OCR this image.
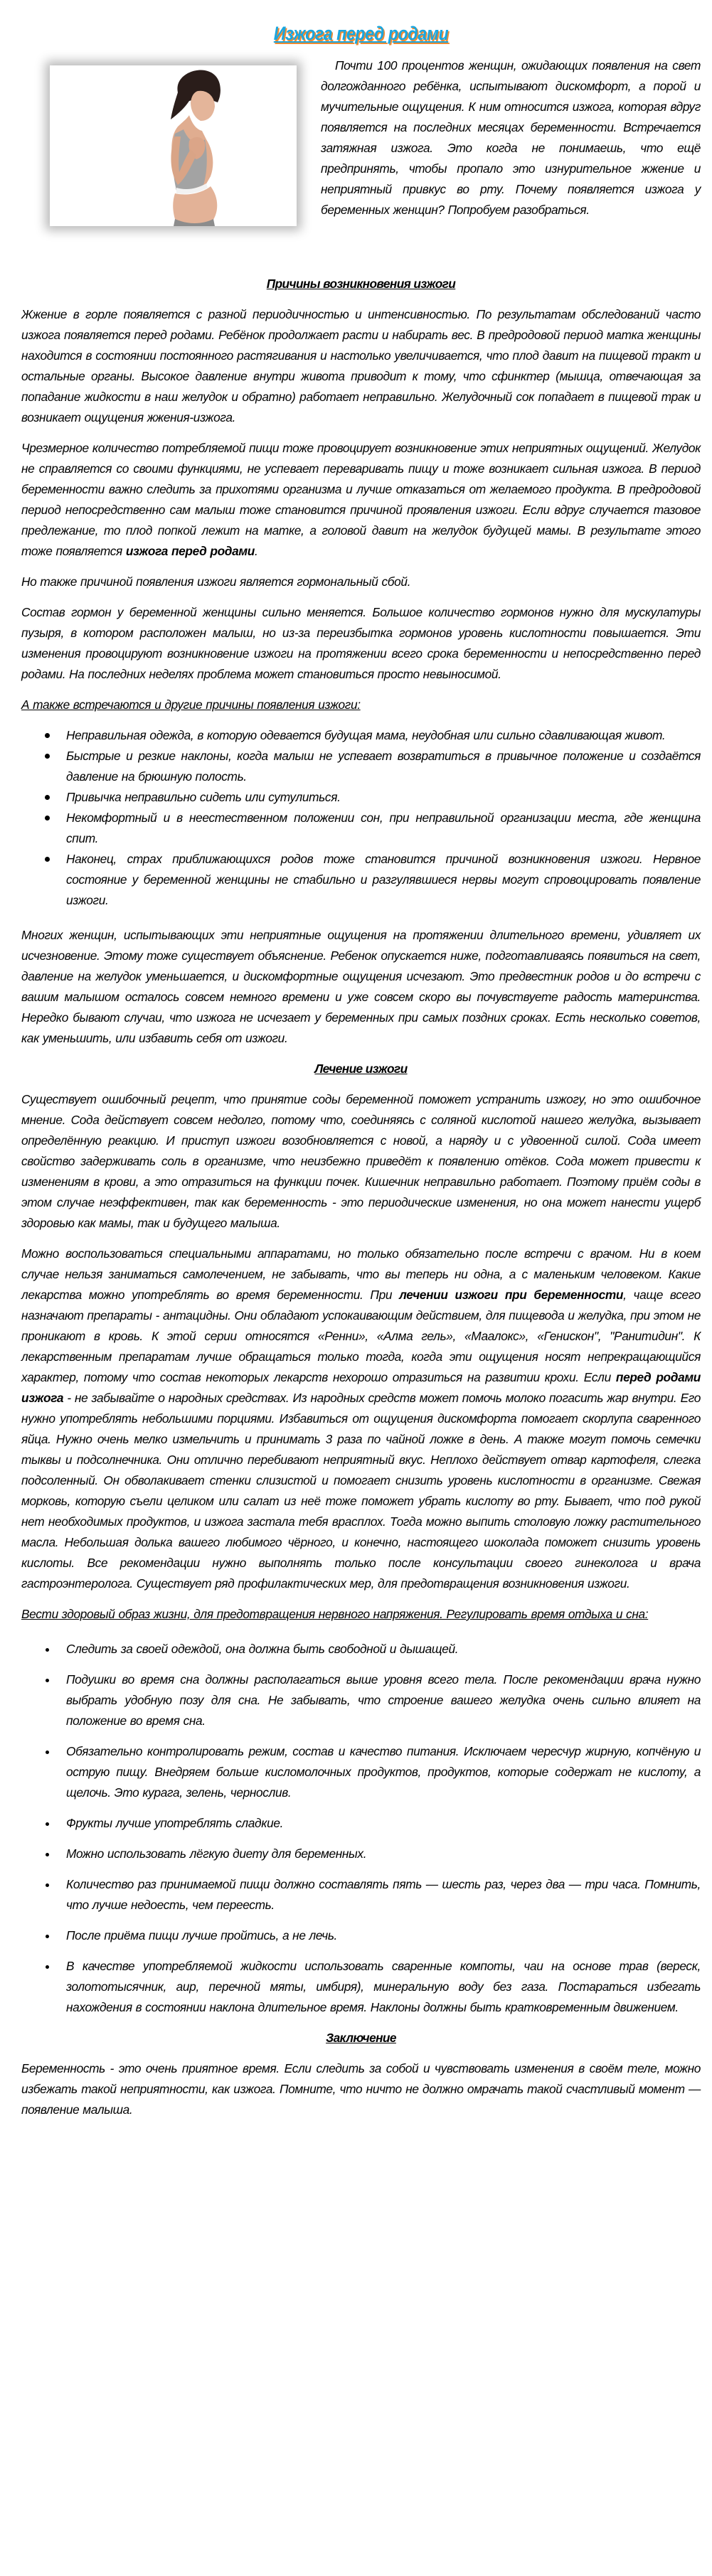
Изжога перед родами

Почти 100 процентов женщин, ожидающих появления на свет долгожданного ребёнка, испытывают дискомфорт, а порой и мучительные ощущения. К ним относится изжога, которая вдруг появляется на последних месяцах беременности. Встречается затяжная изжога. Это когда не понимаешь, что ещё предпринять, чтобы пропало это изнурительное жжение и неприятный привкус во рту. Почему появляется изжога у беременных женщин? Попробуем разобраться.

Причины возникновения изжоги

Жжение в горле появляется с разной периодичностью и интенсивностью. По результатам обследований часто изжога появляется перед родами. Ребёнок продолжает расти и набирать вес. В предродовой период матка женщины находится в состоянии постоянного растягивания и настолько увеличивается, что плод давит на пищевой тракт и остальные органы. Высокое давление внутри живота приводит к тому, что сфинктер (мышца, отвечающая за попадание жидкости в наш желудок и обратно) работает неправильно. Желудочный сок попадает в пищевой трак и возникает ощущения жжения-изжога.

Чрезмерное количество потребляемой пищи тоже провоцирует возникновение этих неприятных ощущений. Желудок не справляется со своими функциями, не успевает переваривать пищу и тоже возникает сильная изжога. В период беременности важно следить за прихотями организма и лучше отказаться от желаемого продукта. В предродовой период непосредственно сам малыш тоже становится причиной проявления изжоги. Если вдруг случается тазовое предлежание, то плод попкой лежит на матке, а головой давит на желудок будущей мамы. В результате этого тоже появляется изжога перед родами.

Но также причиной появления изжоги является гормональный сбой.

Состав гормон у беременной женщины сильно меняется. Большое количество гормонов нужно для мускулатуры пузыря, в котором расположен малыш, но из-за переизбытка гормонов уровень кислотности повышается. Эти изменения провоцируют возникновение изжоги на протяжении всего срока беременности и непосредственно перед родами. На последних неделях проблема может становиться просто невыносимой.

А также встречаются и другие причины появления изжоги:

Неправильная одежда, в которую одевается будущая мама, неудобная или сильно сдавливающая живот.
Быстрые и резкие наклоны, когда малыш не успевает возвратиться в привычное положение и создаётся давление на брюшную полость.
Привычка неправильно сидеть или сутулиться.
Некомфортный и в неестественном положении сон, при неправильной организации места, где женщина спит.
Наконец, страх приближающихся родов тоже становится причиной возникновения изжоги. Нервное состояние у беременной женщины не стабильно и разгулявшиеся нервы могут спровоцировать появление изжоги.

Многих женщин, испытывающих эти неприятные ощущения на протяжении длительного времени, удивляет их исчезновение. Этому тоже существует объяснение. Ребенок опускается ниже, подготавливаясь появиться на свет, давление на желудок уменьшается, и дискомфортные ощущения исчезают. Это предвестник родов и до встречи с вашим малышом осталось совсем немного времени и уже совсем скоро вы почувствуете радость материнства. Нередко бывают случаи, что изжога не исчезает у беременных при самых поздних сроках. Есть несколько советов, как уменьшить, или избавить себя от изжоги.

Лечение изжоги

Существует ошибочный рецепт, что принятие соды беременной поможет устранить изжогу, но это ошибочное мнение. Сода действует совсем недолго, потому что, соединяясь с соляной кислотой нашего желудка, вызывает определённую реакцию. И приступ изжоги возобновляется с новой, а наряду и с удвоенной силой. Сода имеет свойство задерживать соль в организме, что неизбежно приведёт к появлению отёков. Сода может привести к изменениям в крови, а это отразиться на функции почек. Кишечник неправильно работает. Поэтому приём соды в этом случае неэффективен, так как беременность - это периодические изменения, но она может нанести ущерб здоровью как мамы, так и будущего малыша.

Можно воспользоваться специальными аппаратами, но только обязательно после встречи с врачом. Ни в коем случае нельзя заниматься самолечением, не забывать, что вы теперь ни одна, а с маленьким человеком. Какие лекарства можно употреблять во время беременности. При лечении изжоги при беременности, чаще всего назначают препараты - антацидны. Они обладают успокаивающим действием, для пищевода и желудка, при этом не проникают в кровь. К этой серии относятся «Ренни», «Алма гель», «Маалокс», «Генискон", "Ранитидин". К лекарственным препаратам лучше обращаться только тогда, когда эти ощущения носят непрекращающийся характер, потому что состав некоторых лекарств нехорошо отразиться на развитии крохи. Если перед родами изжога - не забывайте о народных средствах. Из народных средств может помочь молоко погасить жар внутри. Его нужно употреблять небольшими порциями. Избавиться от ощущения дискомфорта помогает скорлупа сваренного яйца. Нужно очень мелко измельчить и принимать 3 раза по чайной ложке в день. А также могут помочь семечки тыквы и подсолнечника. Они отлично перебивают неприятный вкус. Неплохо действует отвар картофеля, слегка подсоленный. Он обволакивает стенки слизистой и помогает снизить уровень кислотности в организме. Свежая морковь, которую съели целиком или салат из неё тоже поможет убрать кислоту во рту. Бывает, что под рукой нет необходимых продуктов, и изжога застала тебя врасплох. Тогда можно выпить столовую ложку растительного масла. Небольшая долька вашего любимого чёрного, и конечно, настоящего шоколада поможет снизить уровень кислоты. Все рекомендации нужно выполнять только после консультации своего гинеколога и врача гастроэнтеролога. Существует ряд профилактических мер, для предотвращения возникновения изжоги.

Вести здоровый образ жизни, для предотвращения нервного напряжения. Регулировать время отдыха и сна:

Следить за своей одеждой, она должна быть свободной и дышащей.
Подушки во время сна должны располагаться выше уровня всего тела. После рекомендации врача нужно выбрать удобную позу для сна. Не забывать, что строение вашего желудка очень сильно влияет на положение во время сна.
Обязательно контролировать режим, состав и качество питания. Исключаем чересчур жирную, копчёную и острую пищу. Внедряем больше кисломолочных продуктов, продуктов, которые содержат не кислоту, а щелочь. Это курага, зелень, чернослив.
Фрукты лучше употреблять сладкие.
Можно использовать лёгкую диету для беременных.
Количество раз принимаемой пищи должно составлять пять — шесть раз, через два — три часа. Помнить, что лучше недоесть, чем переесть.
После приёма пищи лучше пройтись, а не лечь.
В качестве употребляемой жидкости использовать сваренные компоты, чаи на основе трав (вереск, золототысячник, аир, перечной мяты, имбиря), минеральную воду без газа. Постараться избегать нахождения в состоянии наклона длительное время. Наклоны должны быть кратковременным движением.
Заключение

Беременность - это очень приятное время. Если следить за собой и чувствовать изменения в своём теле, можно избежать такой неприятности, как изжога. Помните, что ничто не должно омрачать такой счастливый момент — появление малыша.
